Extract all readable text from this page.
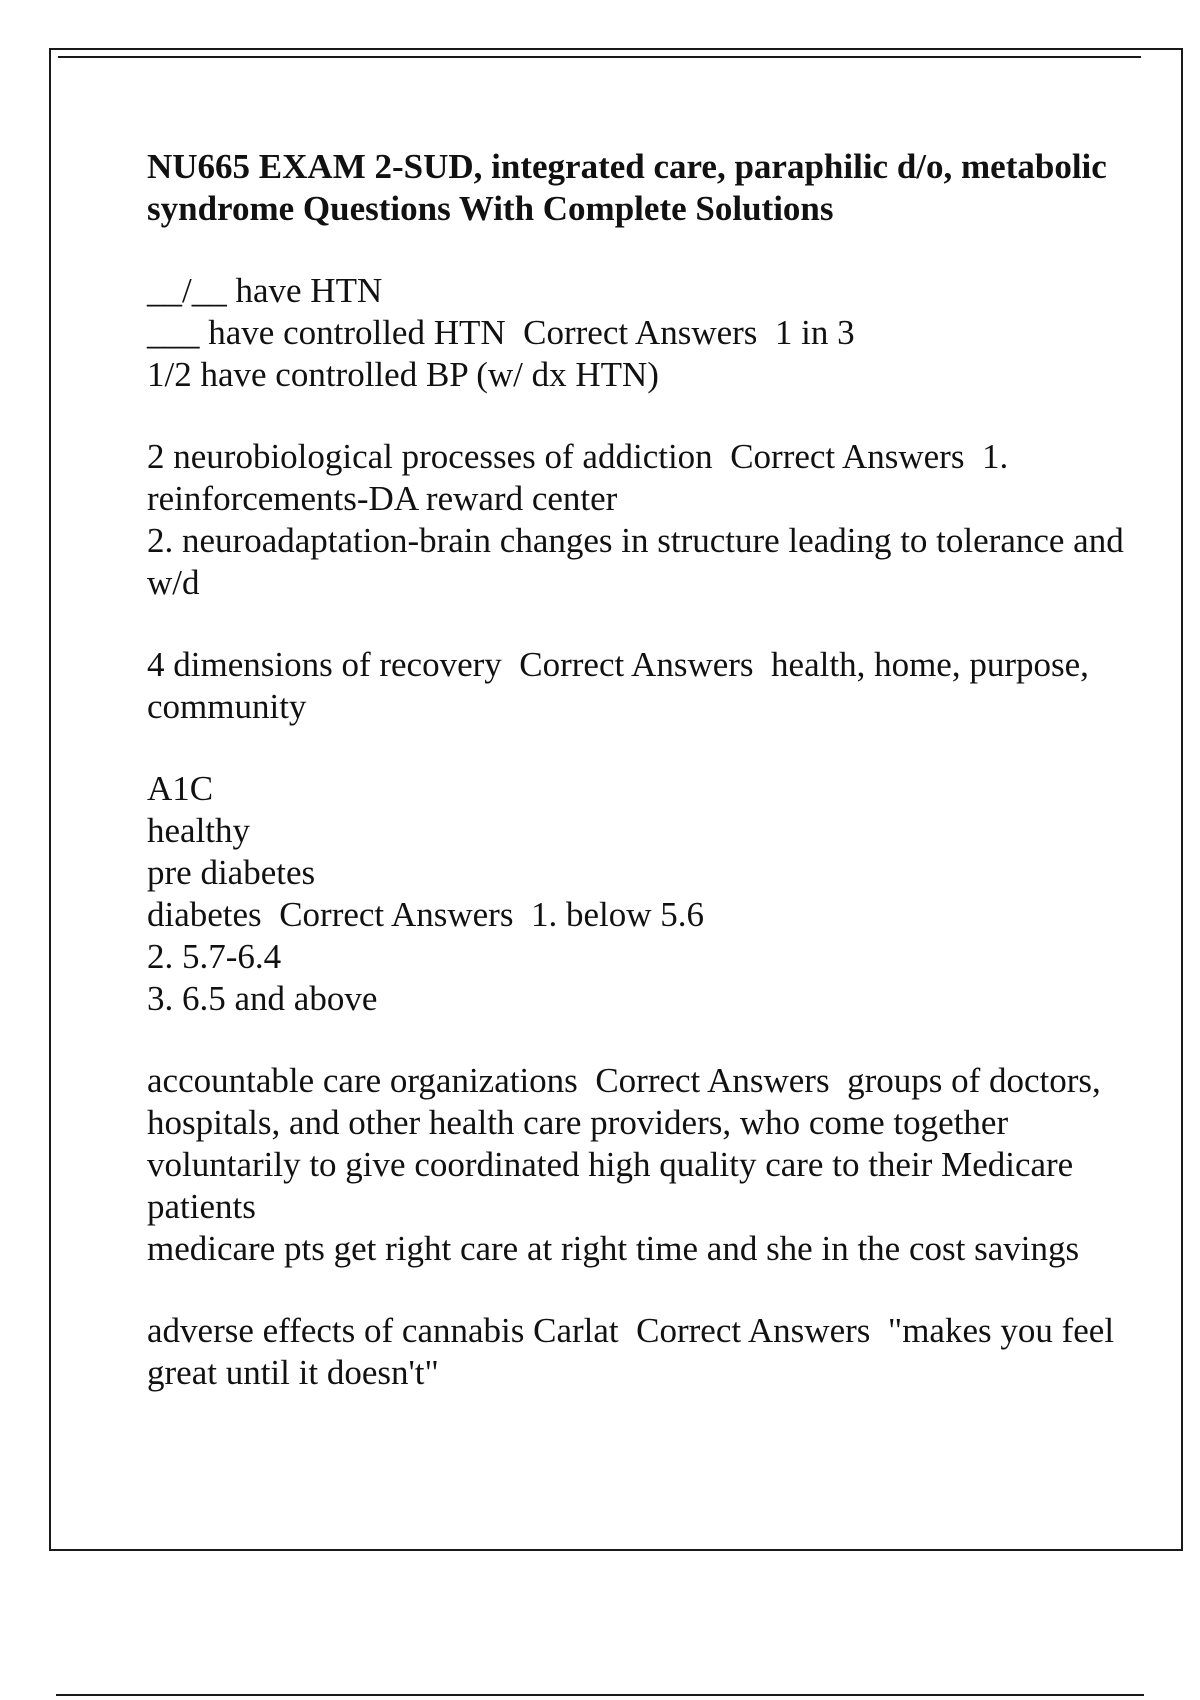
NU665 EXAM 2-SUD, integrated care, paraphilic d/o, metabolic syndrome Questions With Complete Solutions
__/__ have HTN
___ have controlled HTN Correct Answers 1 in 3
1/2 have controlled BP (w/ dx HTN)
2 neurobiological processes of addiction Correct Answers 1. reinforcements-DA reward center
2. neuroadaptation-brain changes in structure leading to tolerance and w/d
4 dimensions of recovery Correct Answers health, home, purpose, community
A1C
healthy
pre diabetes
diabetes Correct Answers 1. below 5.6
2. 5.7-6.4
3. 6.5 and above
accountable care organizations Correct Answers groups of doctors, hospitals, and other health care providers, who come together voluntarily to give coordinated high quality care to their Medicare patients
medicare pts get right care at right time and she in the cost savings
adverse effects of cannabis Carlat Correct Answers "makes you feel great until it doesn't"
